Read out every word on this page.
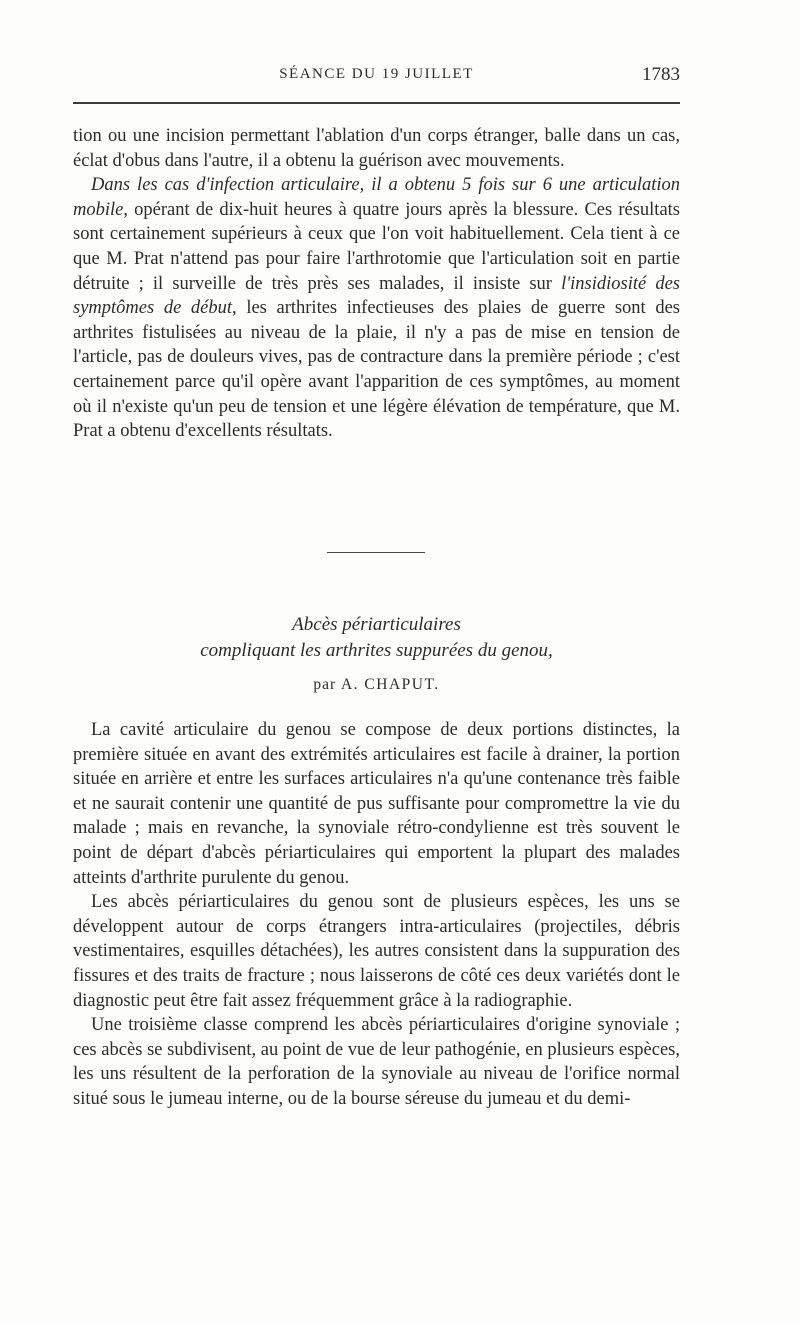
SÉANCE DU 19 JUILLET	1783

tion ou une incision permettant l'ablation d'un corps étranger, balle dans un cas, éclat d'obus dans l'autre, il a obtenu la guérison avec mouvements.

Dans les cas d'infection articulaire, il a obtenu 5 fois sur 6 une articulation mobile, opérant de dix-huit heures à quatre jours après la blessure. Ces résultats sont certainement supérieurs à ceux que l'on voit habituellement. Cela tient à ce que M. Prat n'attend pas pour faire l'arthrotomie que l'articulation soit en partie détruite ; il surveille de très près ses malades, il insiste sur l'insidiosité des symptômes de début, les arthrites infectieuses des plaies de guerre sont des arthrites fistulisées au niveau de la plaie, il n'y a pas de mise en tension de l'article, pas de douleurs vives, pas de contracture dans la première période ; c'est certainement parce qu'il opère avant l'apparition de ces symptômes, au moment où il n'existe qu'un peu de tension et une légère élévation de température, que M. Prat a obtenu d'excellents résultats.

Abcès périarticulaires
compliquant les arthrites suppurées du genou,
par A. CHAPUT.

La cavité articulaire du genou se compose de deux portions distinctes, la première située en avant des extrémités articulaires est facile à drainer, la portion située en arrière et entre les surfaces articulaires n'a qu'une contenance très faible et ne saurait contenir une quantité de pus suffisante pour compromettre la vie du malade ; mais en revanche, la synoviale rétro-condylienne est très souvent le point de départ d'abcès périarticulaires qui emportent la plupart des malades atteints d'arthrite purulente du genou.

Les abcès périarticulaires du genou sont de plusieurs espèces, les uns se développent autour de corps étrangers intra-articulaires (projectiles, débris vestimentaires, esquilles détachées), les autres consistent dans la suppuration des fissures et des traits de fracture ; nous laisserons de côté ces deux variétés dont le diagnostic peut être fait assez fréquemment grâce à la radiographie.

Une troisième classe comprend les abcès périarticulaires d'origine synoviale ; ces abcès se subdivisent, au point de vue de leur pathogénie, en plusieurs espèces, les uns résultent de la perforation de la synoviale au niveau de l'orifice normal situé sous le jumeau interne, ou de la bourse séreuse du jumeau et du demi-
